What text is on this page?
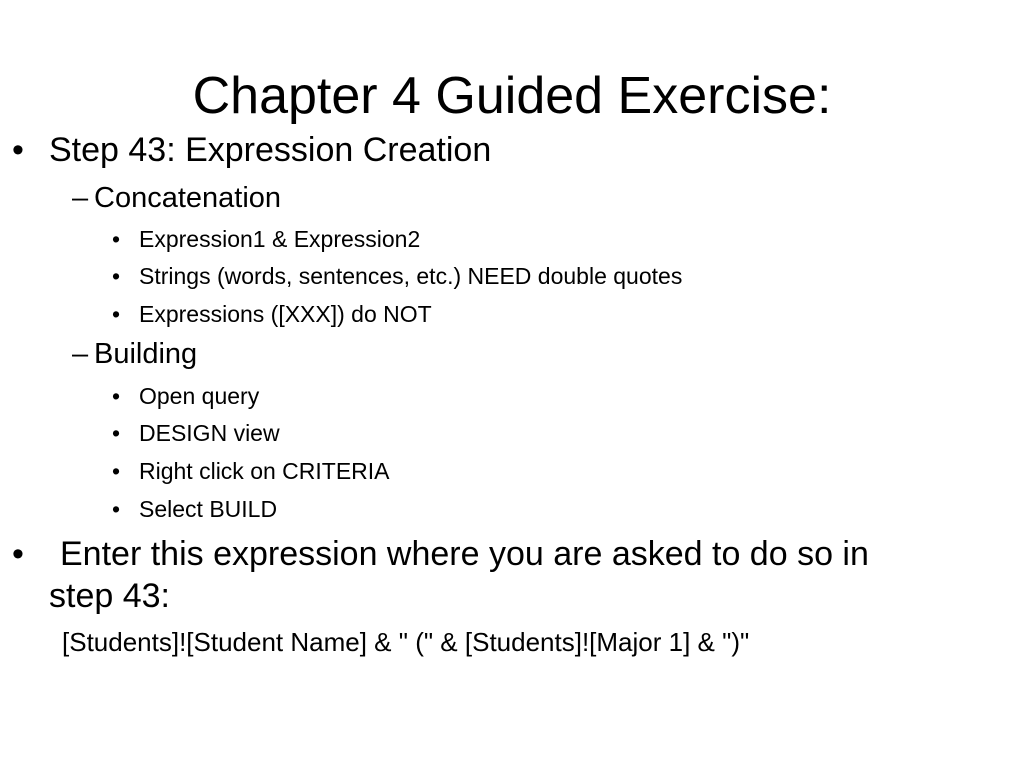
Chapter 4 Guided Exercise:
• Step 43: Expression Creation
– Concatenation
• Expression1 & Expression2
• Strings (words, sentences, etc.) NEED double quotes
• Expressions ([XXX]) do NOT
– Building
• Open query
• DESIGN view
• Right click on CRITERIA
• Select BUILD
• Enter this expression where you are asked to do so in
step 43:
[Students]![Student Name] & " (" & [Students]![Major 1] & ")"
